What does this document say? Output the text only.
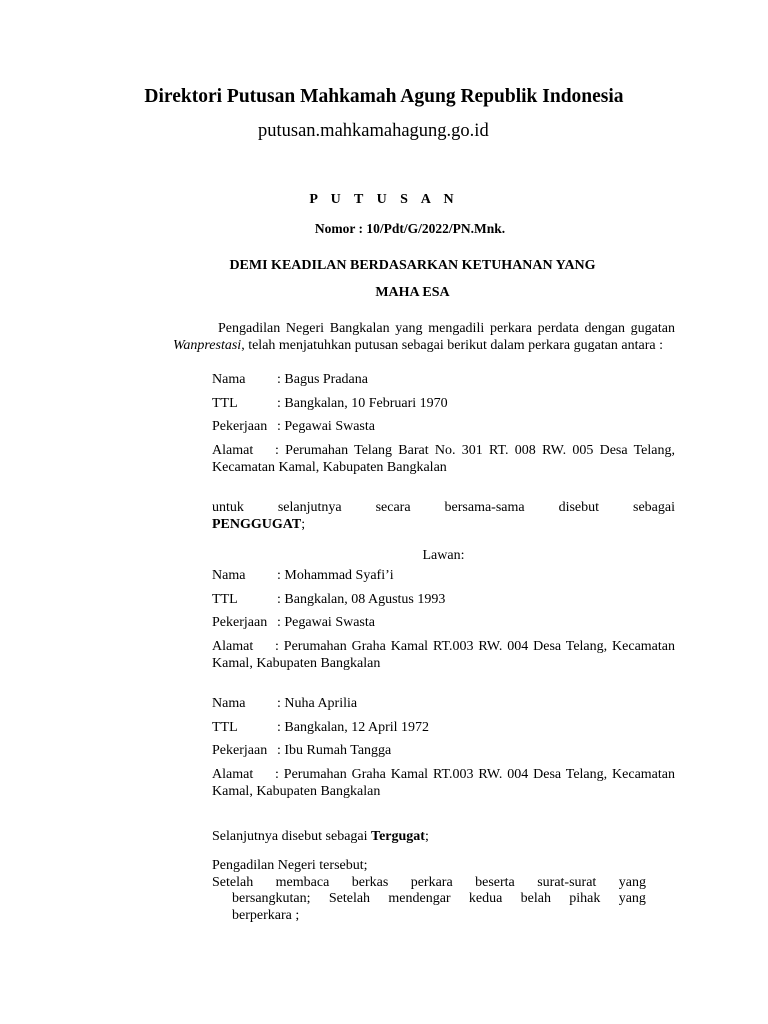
Direktori Putusan Mahkamah Agung Republik Indonesia
putusan.mahkamahagung.go.id
P U T U S A N
Nomor : 10/Pdt/G/2022/PN.Mnk.
DEMI KEADILAN BERDASARKAN KETUHANAN YANG
MAHA ESA
Pengadilan Negeri Bangkalan yang mengadili perkara perdata dengan gugatan Wanprestasi, telah menjatuhkan putusan sebagai berikut dalam perkara gugatan antara :
Nama : Bagus Pradana
TTL	: Bangkalan, 10 Februari 1970
Pekerjaan : Pegawai Swasta
Alamat : Perumahan Telang Barat No. 301 RT. 008 RW. 005 Desa Telang, Kecamatan Kamal, Kabupaten Bangkalan
untuk selanjutnya secara bersama-sama disebut sebagai
PENGGUGAT;
Lawan:
Nama : Mohammad Syafi’i
TTL	: Bangkalan, 08 Agustus 1993
Pekerjaan : Pegawai Swasta
Alamat : Perumahan Graha Kamal RT.003 RW. 004 Desa Telang, Kecamatan Kamal, Kabupaten Bangkalan
Nama : Nuha Aprilia
TTL	: Bangkalan, 12 April 1972
Pekerjaan : Ibu Rumah Tangga
Alamat : Perumahan Graha Kamal RT.003 RW. 004 Desa Telang, Kecamatan Kamal, Kabupaten Bangkalan
Selanjutnya disebut sebagai Tergugat;
Pengadilan Negeri tersebut;
Setelah membaca berkas perkara beserta surat-surat yang
bersangkutan; Setelah mendengar kedua belah pihak yang
berperkara ;
